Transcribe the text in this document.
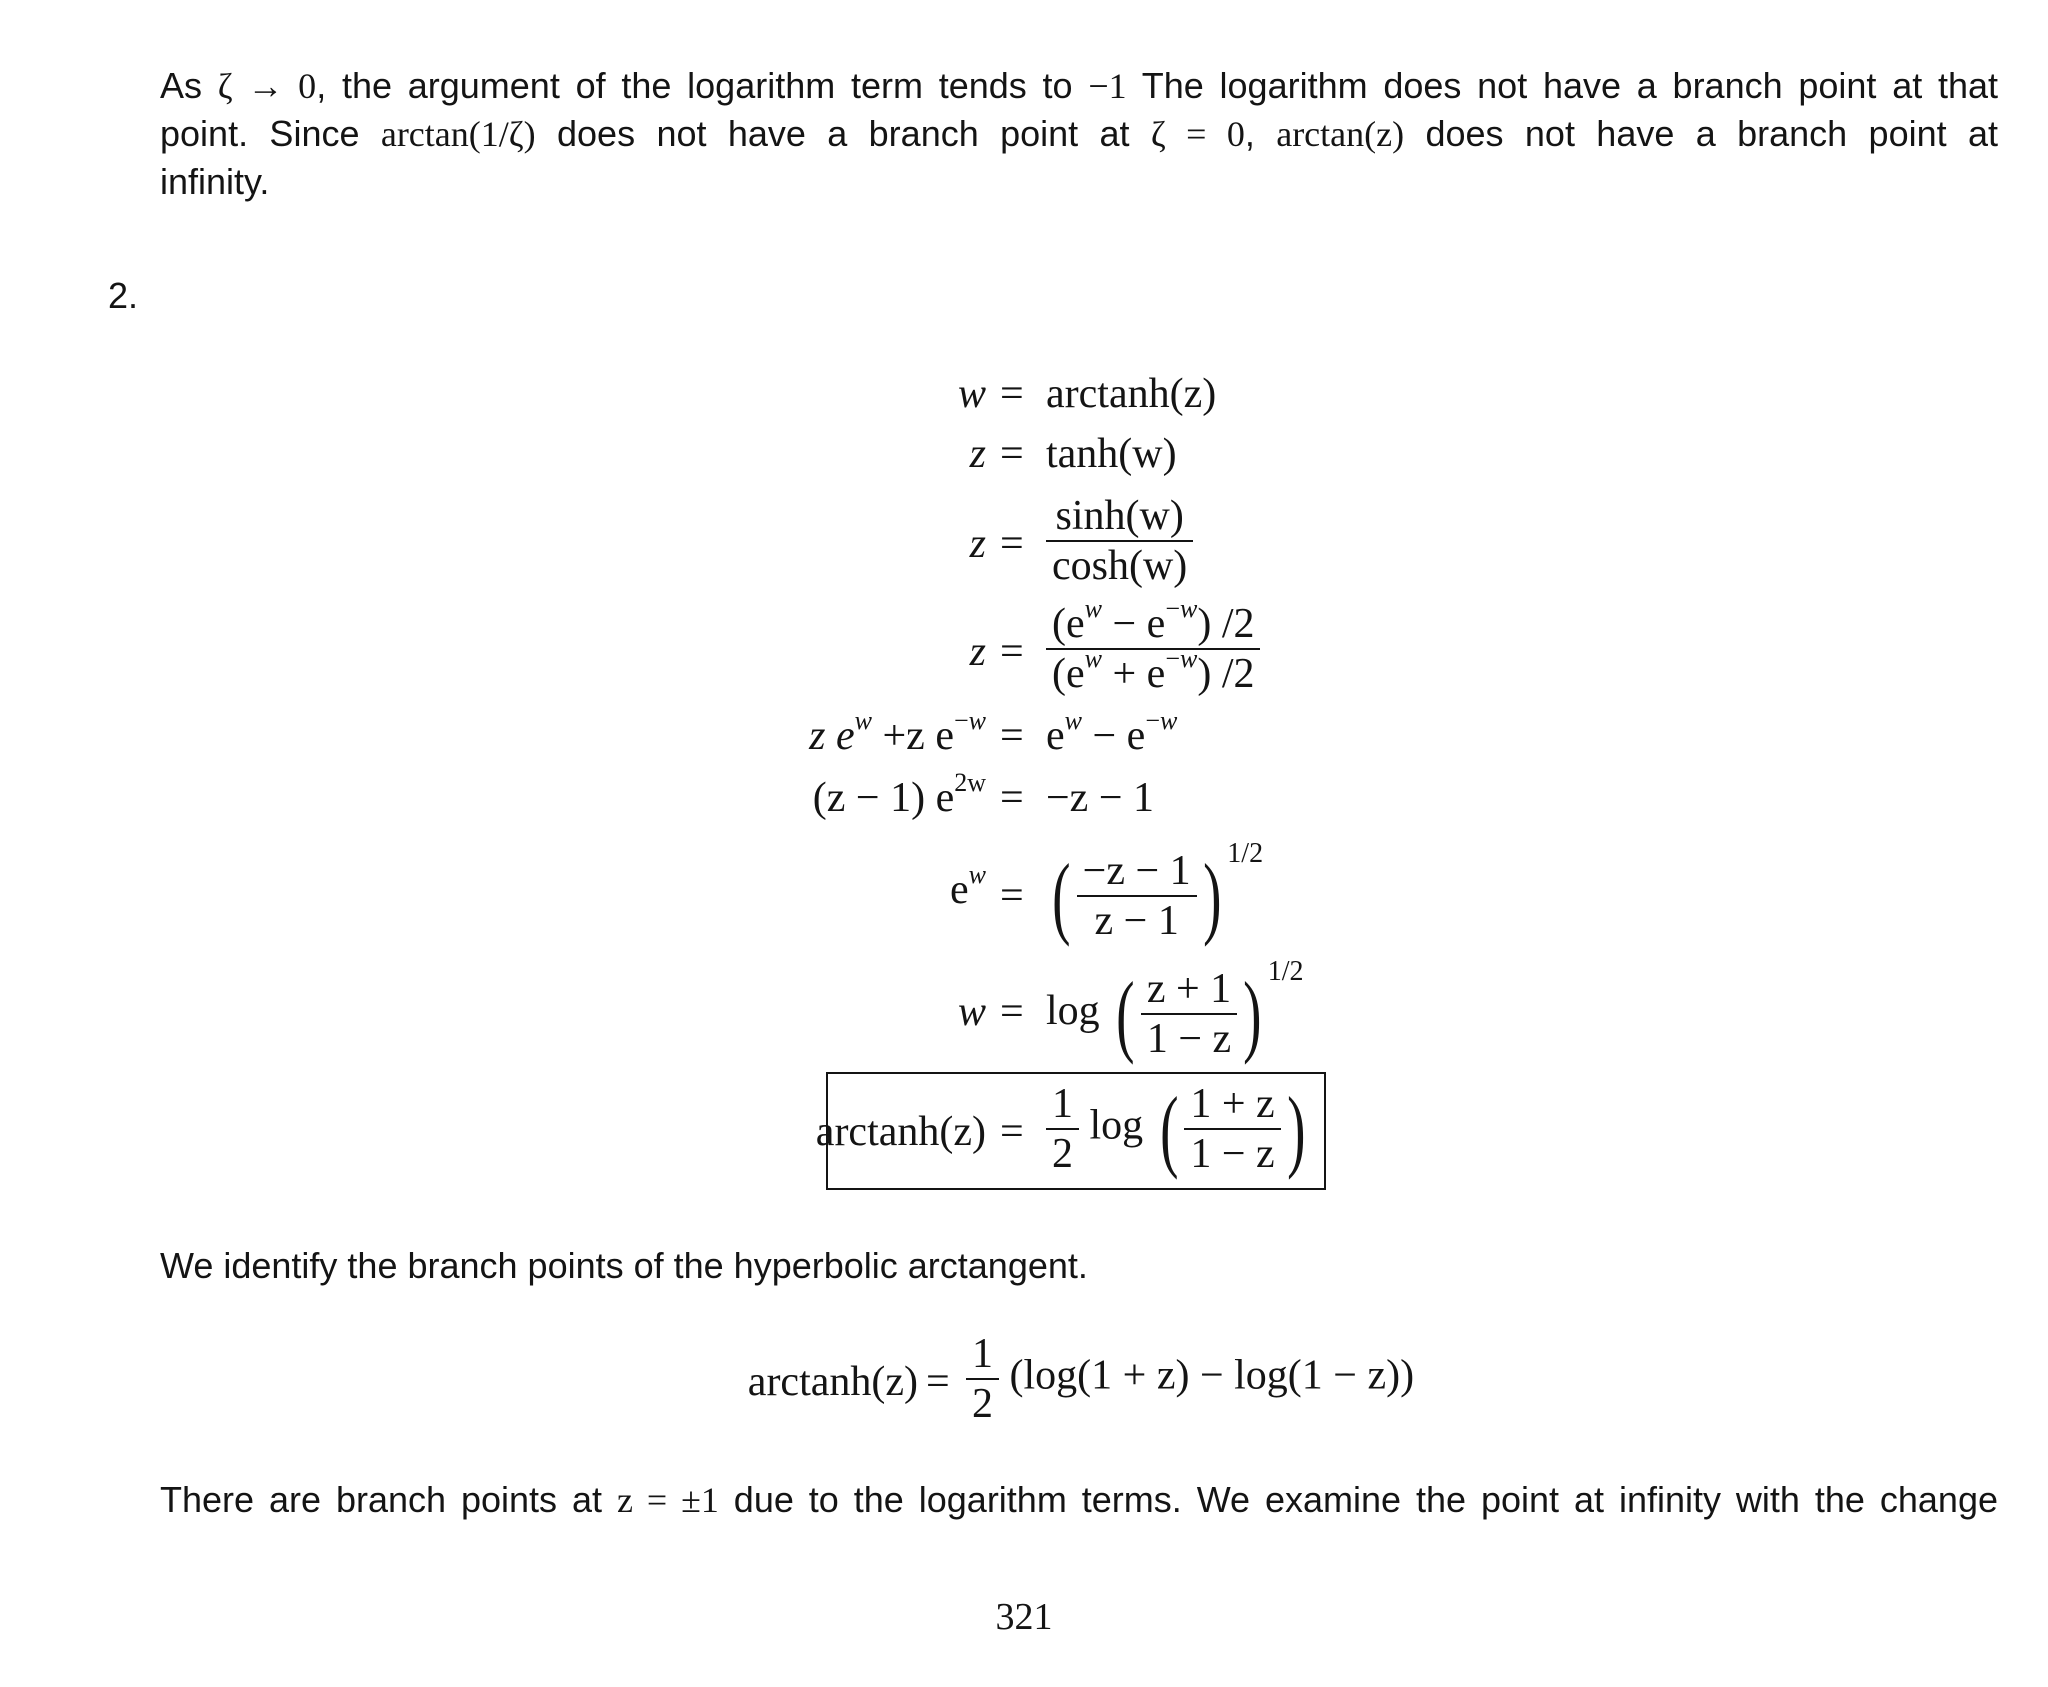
As ζ → 0, the argument of the logarithm term tends to −1 The logarithm does not have a branch point at that
point. Since arctan(1/ζ) does not have a branch point at ζ = 0, arctan(z) does not have a branch point at
infinity.
2.
w = arctanh(z)
z = tanh(w)
$z = \frac{\sinh(w)}{\cosh(w)}$
$z = \frac{(e^w - e^{-w}) /2}{(e^w + e^{-w}) /2}$
z $e^w +z$ $e^{-w} = e^w - e^{-w}$
(z − 1) $e^{2w} = -z - 1$
$e^w$ = ( $\frac{-z - 1}{z - 1}$ ) $^{1/2}$
w = log ( $\frac{z + 1}{1 - z}$ ) $^{1/2}$
$\arctan h(z) = \frac{1}{2}$ log ( $\frac{1 + z}{1 - z}$ )
We identify the branch points of the hyperbolic arctangent.
$\arctan h(z) = \frac{1}{2} (\log(1 + z) - \log(1 - z))$
There are branch points at z = ±1 due to the logarithm terms. We examine the point at infinity with the change
321
